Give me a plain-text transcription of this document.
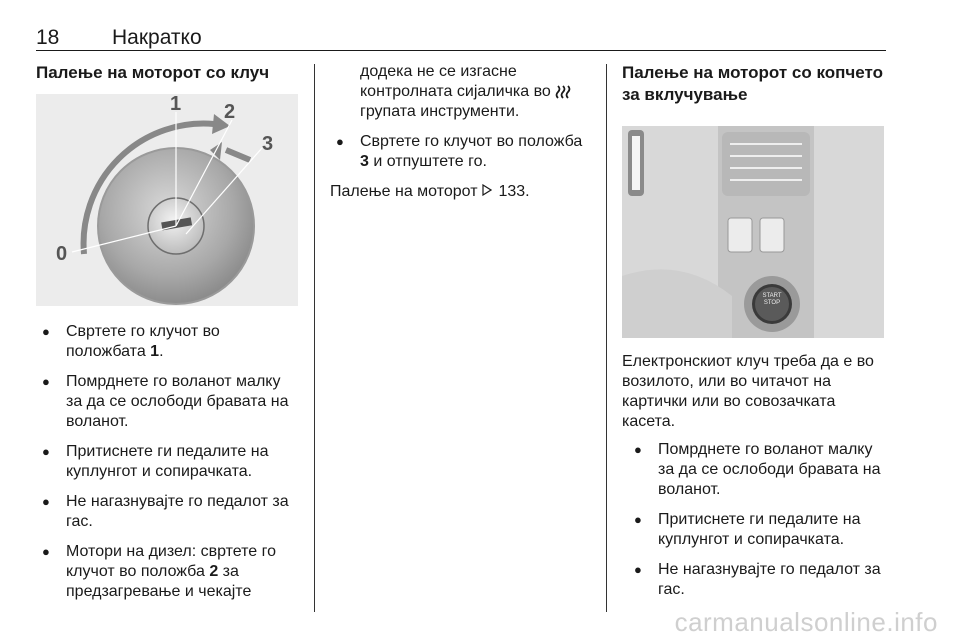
18	Накратко
Палење на моторот со клуч
0
1 2
3
● Свртете го клучот во положбата 1.
● Помрднете го воланот малку за да се ослободи бравата на воланот.
● Притиснете ги педалите на куплунгот и сопирачката.
● Не нагазнувајте го педалот за гас.
● Мотори на дизел: свртете го клучот во положба 2 за предзагревање и чекајте
додека не се изгасне контролната сијаличка во
групата инструменти.
● Свртете го клучот во положба 3 и отпуштете го.
Палење на моторот 133.
Палење на моторот со копчето за вклучување
START
STOP

Електронскиот клуч треба да е во возилото, или во читачот на картички или во совозачката касета.

● Помрднете го воланот малку за да се ослободи бравата на воланот.
● Притиснете ги педалите на куплунгот и сопирачката.
● Не нагазнувајте го педалот за гас.
carmanualsonline.info
